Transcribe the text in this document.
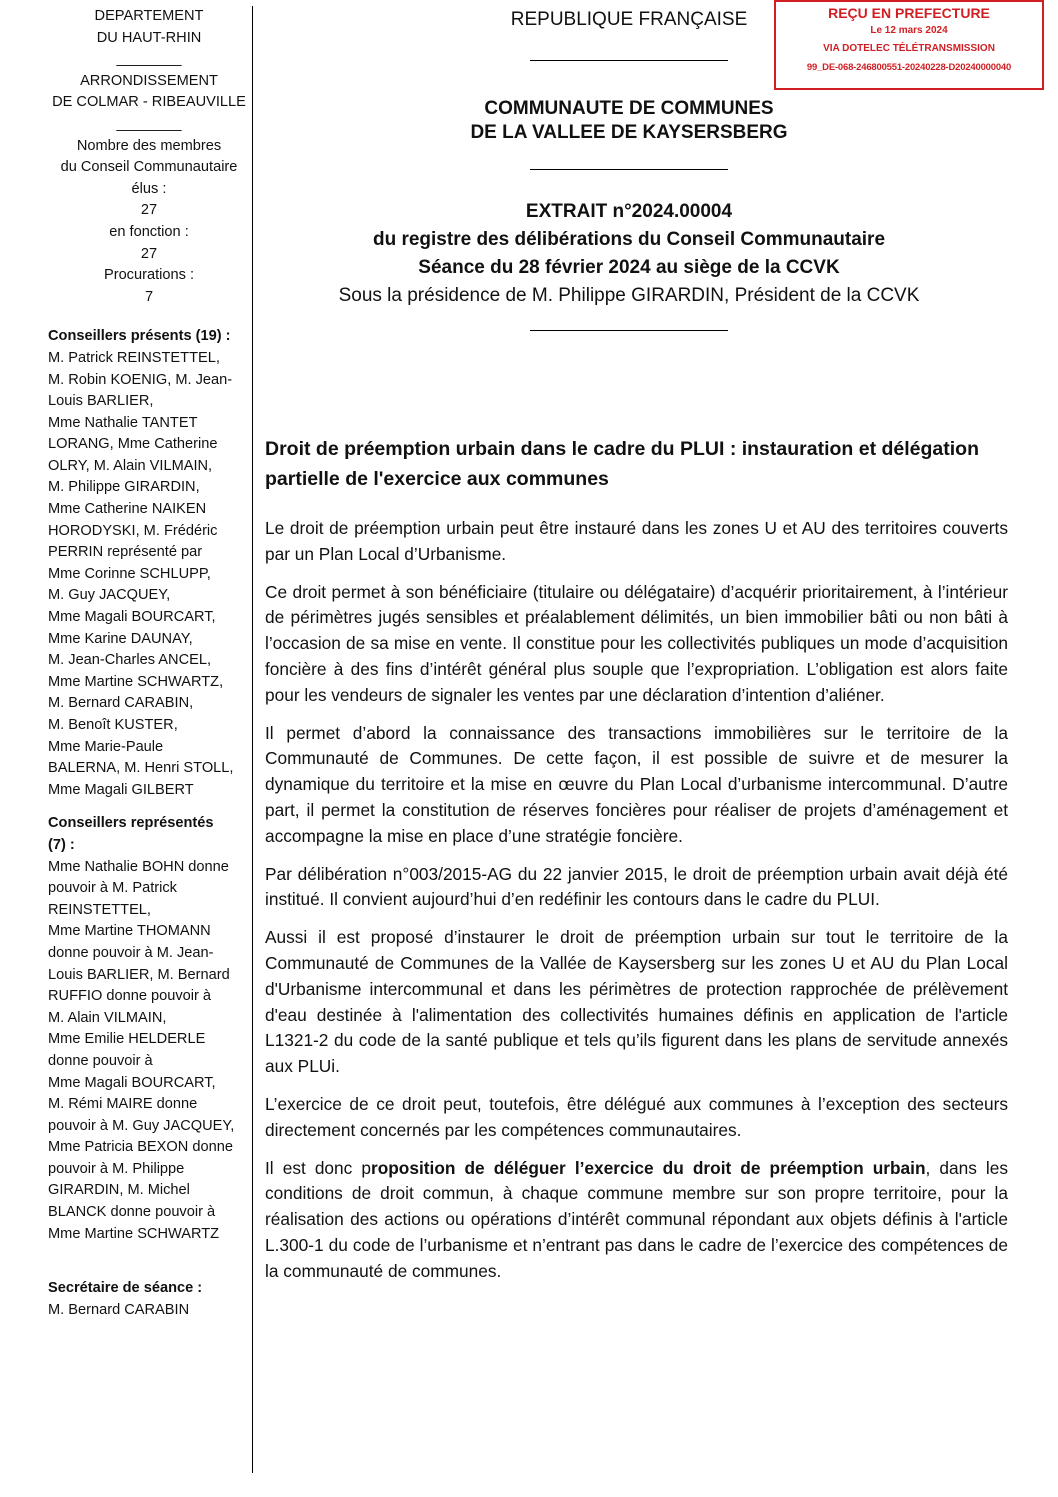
DEPARTEMENT
DU HAUT-RHIN
________
ARRONDISSEMENT
DE COLMAR - RIBEAUVILLE
________
Nombre des membres
du Conseil Communautaire
élus :
27
en fonction :
27
Procurations :
7
Conseillers présents (19) :
M. Patrick REINSTETTEL,
M. Robin KOENIG, M. Jean-
Louis BARLIER,
Mme Nathalie TANTET
LORANG, Mme Catherine
OLRY, M. Alain VILMAIN,
M. Philippe GIRARDIN,
Mme Catherine NAIKEN
HORODYSKI, M. Frédéric
PERRIN représenté par
Mme Corinne SCHLUPP,
M. Guy JACQUEY,
Mme Magali BOURCART,
Mme Karine DAUNAY,
M. Jean-Charles ANCEL,
Mme Martine SCHWARTZ,
M. Bernard CARABIN,
M. Benoît KUSTER,
Mme Marie-Paule
BALERNA, M. Henri STOLL,
Mme Magali GILBERT
Conseillers représentés
(7) :
Mme Nathalie BOHN donne
pouvoir à M. Patrick
REINSTETTEL,
Mme Martine THOMANN
donne pouvoir à M. Jean-
Louis BARLIER, M. Bernard
RUFFIO donne pouvoir à
M. Alain VILMAIN,
Mme Emilie HELDERLE
donne pouvoir à
Mme Magali BOURCART,
M. Rémi MAIRE donne
pouvoir à M. Guy JACQUEY,
Mme Patricia BEXON donne
pouvoir à M. Philippe
GIRARDIN, M. Michel
BLANCK donne pouvoir à
Mme Martine SCHWARTZ
Secrétaire de séance :
M. Bernard CARABIN
REÇU EN PREFECTURE
Le 12 mars 2024
VIA DOTELEC TÉLÉTRANSMISSION
99_DE-068-246800551-20240228-D20240000040
REPUBLIQUE FRANÇAISE
COMMUNAUTE DE COMMUNES
DE LA VALLEE DE KAYSERSBERG
EXTRAIT n°2024.00004
du registre des délibérations du Conseil Communautaire
Séance du 28 février 2024 au siège de la CCVK
Sous la présidence de M. Philippe GIRARDIN, Président de la CCVK
Droit de préemption urbain dans le cadre du PLUI : instauration et délégation partielle de l'exercice aux communes

Le droit de préemption urbain peut être instauré dans les zones U et AU des territoires couverts par un Plan Local d’Urbanisme.

Ce droit permet à son bénéficiaire (titulaire ou délégataire) d’acquérir prioritairement, à l’intérieur de périmètres jugés sensibles et préalablement délimités, un bien immobilier bâti ou non bâti à l’occasion de sa mise en vente. Il constitue pour les collectivités publiques un mode d’acquisition foncière à des fins d’intérêt général plus souple que l’expropriation. L’obligation est alors faite pour les vendeurs de signaler les ventes par une déclaration d’intention d’aliéner.

Il permet d’abord la connaissance des transactions immobilières sur le territoire de la Communauté de Communes. De cette façon, il est possible de suivre et de mesurer la dynamique du territoire et la mise en œuvre du Plan Local d’urbanisme intercommunal. D’autre part, il permet la constitution de réserves foncières pour réaliser de projets d’aménagement et accompagne la mise en place d’une stratégie foncière.

Par délibération n°003/2015-AG du 22 janvier 2015, le droit de préemption urbain avait déjà été institué. Il convient aujourd’hui d’en redéfinir les contours dans le cadre du PLUI.

Aussi il est proposé d’instaurer le droit de préemption urbain sur tout le territoire de la Communauté de Communes de la Vallée de Kaysersberg sur les zones U et AU du Plan Local d'Urbanisme intercommunal et dans les périmètres de protection rapprochée de prélèvement d'eau destinée à l'alimentation des collectivités humaines définis en application de l'article L1321-2 du code de la santé publique et tels qu’ils figurent dans les plans de servitude annexés aux PLUi.

L’exercice de ce droit peut, toutefois, être délégué aux communes à l’exception des secteurs directement concernés par les compétences communautaires.

Il est donc proposition de déléguer l’exercice du droit de préemption urbain, dans les conditions de droit commun, à chaque commune membre sur son propre territoire, pour la réalisation des actions ou opérations d’intérêt communal répondant aux objets définis à l'article L.300-1 du code de l’urbanisme et n’entrant pas dans le cadre de l’exercice des compétences de la communauté de communes.
